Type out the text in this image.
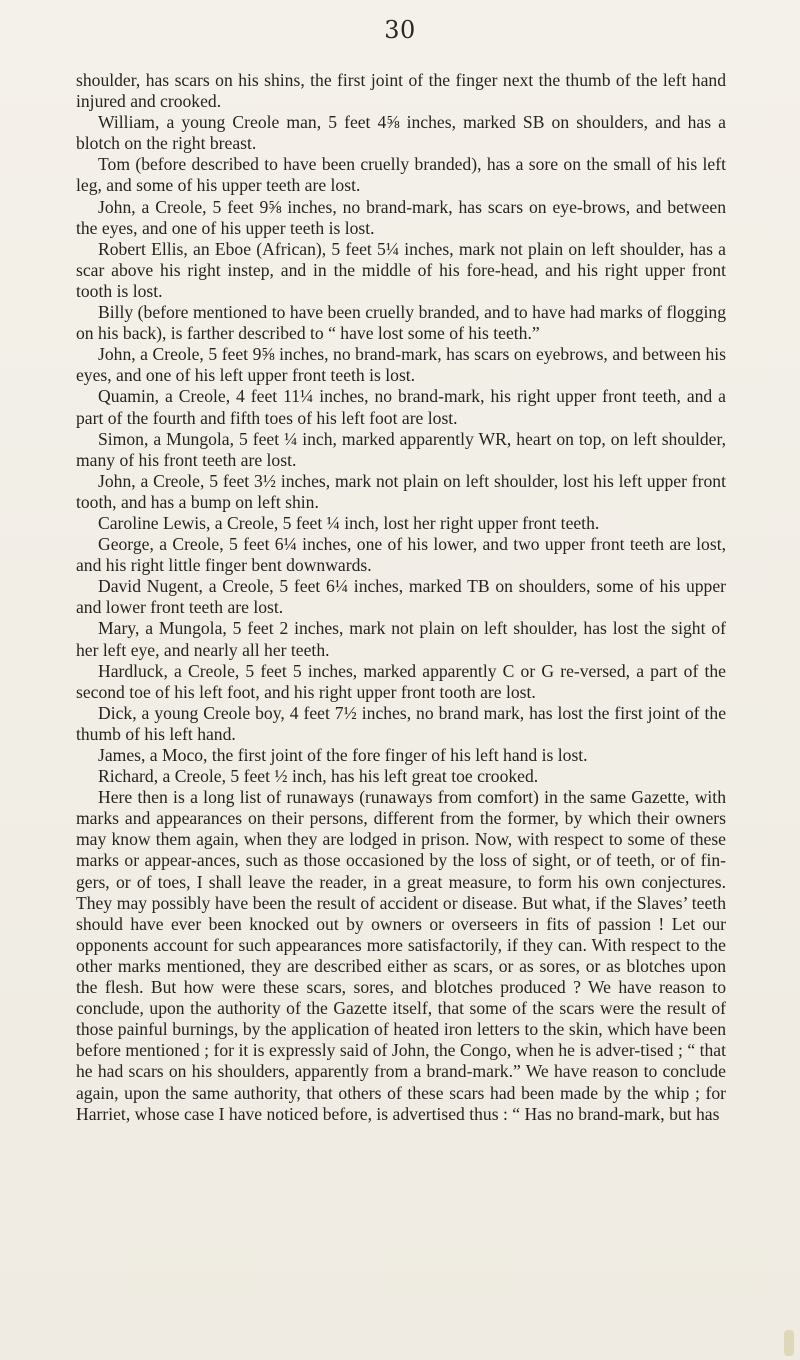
30

shoulder, has scars on his shins, the first joint of the finger next the thumb of the left hand injured and crooked.

William, a young Creole man, 5 feet 4⅝ inches, marked SB on shoulders, and has a blotch on the right breast.

Tom (before described to have been cruelly branded), has a sore on the small of his left leg, and some of his upper teeth are lost.

John, a Creole, 5 feet 9⅝ inches, no brand-mark, has scars on eye-brows, and between the eyes, and one of his upper teeth is lost.

Robert Ellis, an Eboe (African), 5 feet 5¼ inches, mark not plain on left shoulder, has a scar above his right instep, and in the middle of his fore-head, and his right upper front tooth is lost.

Billy (before mentioned to have been cruelly branded, and to have had marks of flogging on his back), is farther described to “ have lost some of his teeth.”

John, a Creole, 5 feet 9⅝ inches, no brand-mark, has scars on eyebrows, and between his eyes, and one of his left upper front teeth is lost.

Quamin, a Creole, 4 feet 11¼ inches, no brand-mark, his right upper front teeth, and a part of the fourth and fifth toes of his left foot are lost.

Simon, a Mungola, 5 feet ¼ inch, marked apparently WR, heart on top, on left shoulder, many of his front teeth are lost.

John, a Creole, 5 feet 3½ inches, mark not plain on left shoulder, lost his left upper front tooth, and has a bump on left shin.

Caroline Lewis, a Creole, 5 feet ¼ inch, lost her right upper front teeth.

George, a Creole, 5 feet 6¼ inches, one of his lower, and two upper front teeth are lost, and his right little finger bent downwards.

David Nugent, a Creole, 5 feet 6¼ inches, marked TB on shoulders, some of his upper and lower front teeth are lost.

Mary, a Mungola, 5 feet 2 inches, mark not plain on left shoulder, has lost the sight of her left eye, and nearly all her teeth.

Hardluck, a Creole, 5 feet 5 inches, marked apparently C or G re-versed, a part of the second toe of his left foot, and his right upper front tooth are lost.

Dick, a young Creole boy, 4 feet 7½ inches, no brand mark, has lost the first joint of the thumb of his left hand.

James, a Moco, the first joint of the fore finger of his left hand is lost.

Richard, a Creole, 5 feet ½ inch, has his left great toe crooked.

Here then is a long list of runaways (runaways from comfort) in the same Gazette, with marks and appearances on their persons, different from the former, by which their owners may know them again, when they are lodged in prison. Now, with respect to some of these marks or appear-ances, such as those occasioned by the loss of sight, or of teeth, or of fin-gers, or of toes, I shall leave the reader, in a great measure, to form his own conjectures. They may possibly have been the result of accident or disease. But what, if the Slaves’ teeth should have ever been knocked out by owners or overseers in fits of passion ! Let our opponents account for such appearances more satisfactorily, if they can. With respect to the other marks mentioned, they are described either as scars, or as sores, or as blotches upon the flesh. But how were these scars, sores, and blotches produced ? We have reason to conclude, upon the authority of the Gazette itself, that some of the scars were the result of those painful burnings, by the application of heated iron letters to the skin, which have been before mentioned ; for it is expressly said of John, the Congo, when he is adver-tised ; “ that he had scars on his shoulders, apparently from a brand-mark.” We have reason to conclude again, upon the same authority, that others of these scars had been made by the whip ; for Harriet, whose case I have noticed before, is advertised thus : “ Has no brand-mark, but has
